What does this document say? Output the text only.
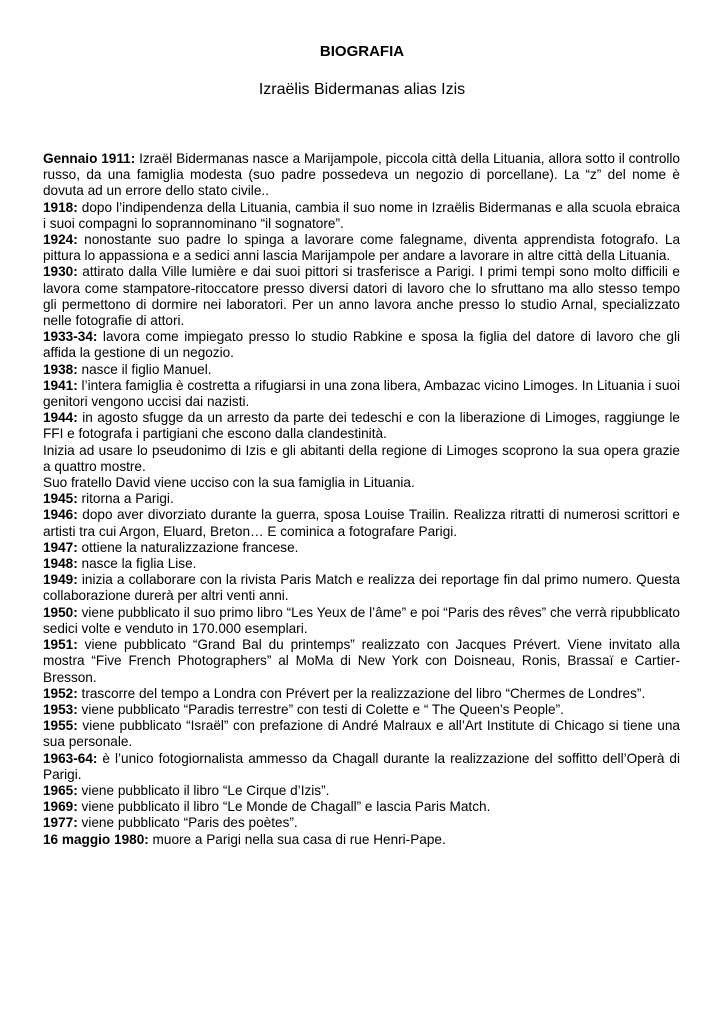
BIOGRAFIA
Izraëlis Bidermanas alias Izis

Gennaio 1911: Izraël Bidermanas nasce a Marijampole, piccola città della Lituania, allora sotto il controllo russo, da una famiglia modesta (suo padre possedeva un negozio di porcellane). La “z” del nome è dovuta ad un errore dello stato civile..

1918: dopo l’indipendenza della Lituania, cambia il suo nome in Izraëlis Bidermanas e alla scuola ebraica i suoi compagni lo soprannominano “il sognatore”.

1924: nonostante suo padre lo spinga a lavorare come falegname, diventa apprendista fotografo. La pittura lo appassiona e a sedici anni lascia Marijampole per andare a lavorare in altre città della Lituania.

1930: attirato dalla Ville lumière e dai suoi pittori si trasferisce a Parigi. I primi tempi sono molto difficili e lavora come stampatore-ritoccatore presso diversi datori di lavoro che lo sfruttano ma allo stesso tempo gli permettono di dormire nei laboratori. Per un anno lavora anche presso lo studio Arnal, specializzato nelle fotografie di attori.

1933-34: lavora come impiegato presso lo studio Rabkine e sposa la figlia del datore di lavoro che gli affida la gestione di un negozio.

1938: nasce il figlio Manuel.

1941: l’intera famiglia è costretta a rifugiarsi in una zona libera, Ambazac vicino Limoges. In Lituania i suoi genitori vengono uccisi dai nazisti.

1944: in agosto sfugge da un arresto da parte dei tedeschi e con la liberazione di Limoges, raggiunge le FFI e fotografa i partigiani che escono dalla clandestinità.

Inizia ad usare lo pseudonimo di Izis e gli abitanti della regione di Limoges scoprono la sua opera grazie a quattro mostre.

Suo fratello David viene ucciso con la sua famiglia in Lituania.

1945: ritorna a Parigi.

1946: dopo aver divorziato durante la guerra, sposa Louise Trailin. Realizza ritratti di numerosi scrittori e artisti tra cui Argon, Eluard, Breton… E cominica a fotografare Parigi.

1947: ottiene la naturalizzazione francese.

1948: nasce la figlia Lise.

1949: inizia a collaborare con la rivista Paris Match e realizza dei reportage fin dal primo numero. Questa collaborazione durerà per altri venti anni.

1950: viene pubblicato il suo primo libro “Les Yeux de l’âme” e poi “Paris des rêves” che verrà ripubblicato sedici volte e venduto in 170.000 esemplari.

1951: viene pubblicato “Grand Bal du printemps” realizzato con Jacques Prévert. Viene invitato alla mostra “Five French Photographers” al MoMa di New York con Doisneau, Ronis, Brassaï e Cartier-Bresson.

1952: trascorre del tempo a Londra con Prévert per la realizzazione del libro “Chermes de Londres”.

1953: viene pubblicato “Paradis terrestre” con testi di Colette e “ The Queen’s People”.

1955: viene pubblicato “Israël” con prefazione di André Malraux e all’Art Institute di Chicago si tiene una sua personale.

1963-64: è l’unico fotogiornalista ammesso da Chagall durante la realizzazione del soffitto dell’Operà di Parigi.

1965: viene pubblicato il libro “Le Cirque d’Izis”.

1969: viene pubblicato il libro “Le Monde de Chagall” e lascia Paris Match.

1977: viene pubblicato “Paris des poètes”.

16 maggio 1980: muore a Parigi nella sua casa di rue Henri-Pape.
